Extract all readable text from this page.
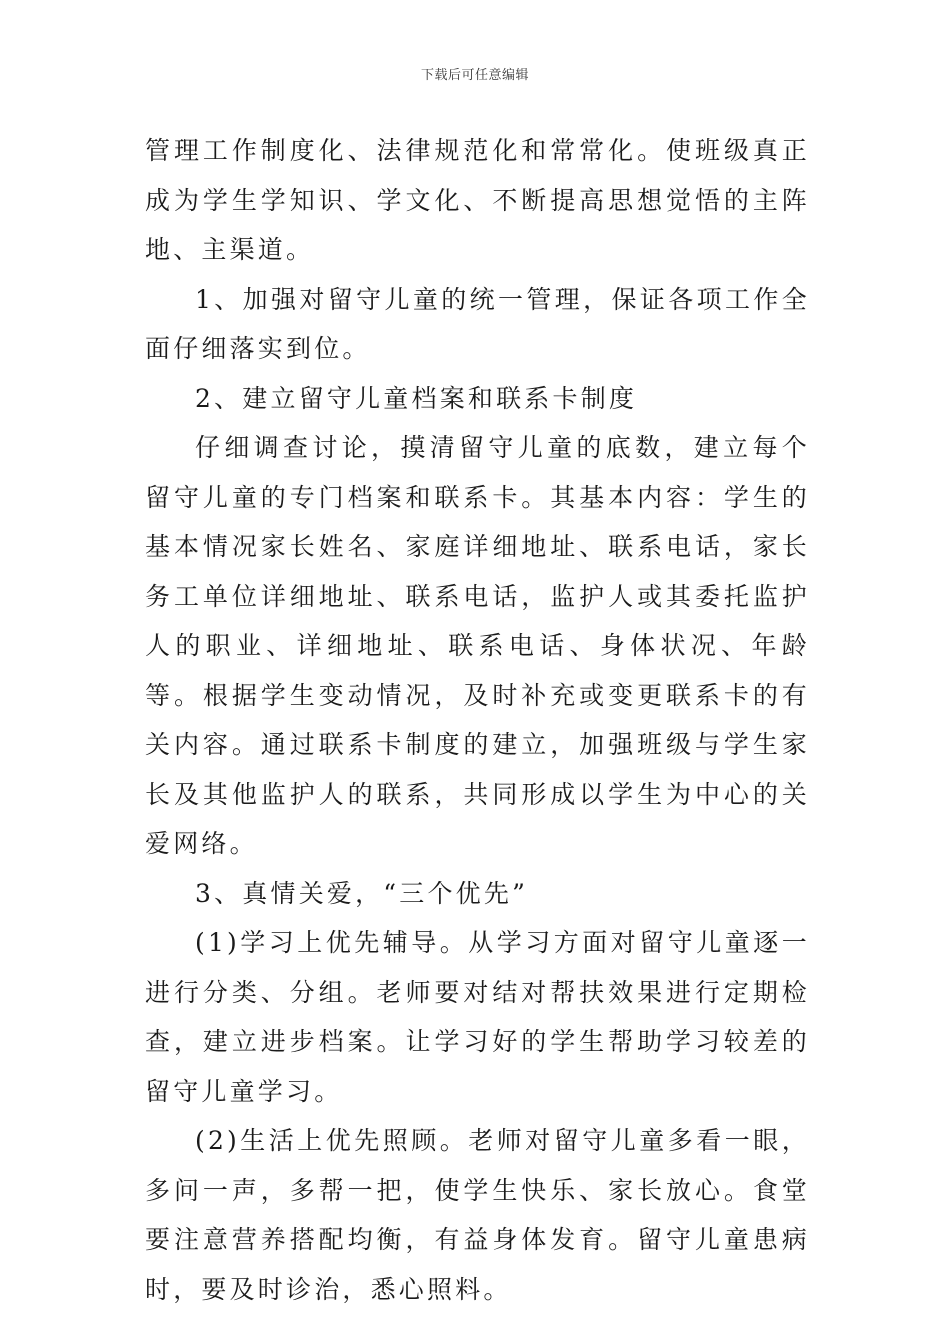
下载后可任意编辑

管理工作制度化、法律规范化和常常化。使班级真正成为学生学知识、学文化、不断提高思想觉悟的主阵地、主渠道。

1、加强对留守儿童的统一管理，保证各项工作全面仔细落实到位。

2、建立留守儿童档案和联系卡制度

仔细调查讨论，摸清留守儿童的底数，建立每个留守儿童的专门档案和联系卡。其基本内容：学生的基本情况家长姓名、家庭详细地址、联系电话，家长务工单位详细地址、联系电话，监护人或其委托监护人的职业、详细地址、联系电话、身体状况、年龄等。根据学生变动情况，及时补充或变更联系卡的有关内容。通过联系卡制度的建立，加强班级与学生家长及其他监护人的联系，共同形成以学生为中心的关爱网络。

3、真情关爱，“三个优先”

(1)学习上优先辅导。从学习方面对留守儿童逐一进行分类、分组。老师要对结对帮扶效果进行定期检查，建立进步档案。让学习好的学生帮助学习较差的留守儿童学习。

(2)生活上优先照顾。老师对留守儿童多看一眼，多问一声，多帮一把，使学生快乐、家长放心。食堂要注意营养搭配均衡，有益身体发育。留守儿童患病时，要及时诊治，悉心照料。
